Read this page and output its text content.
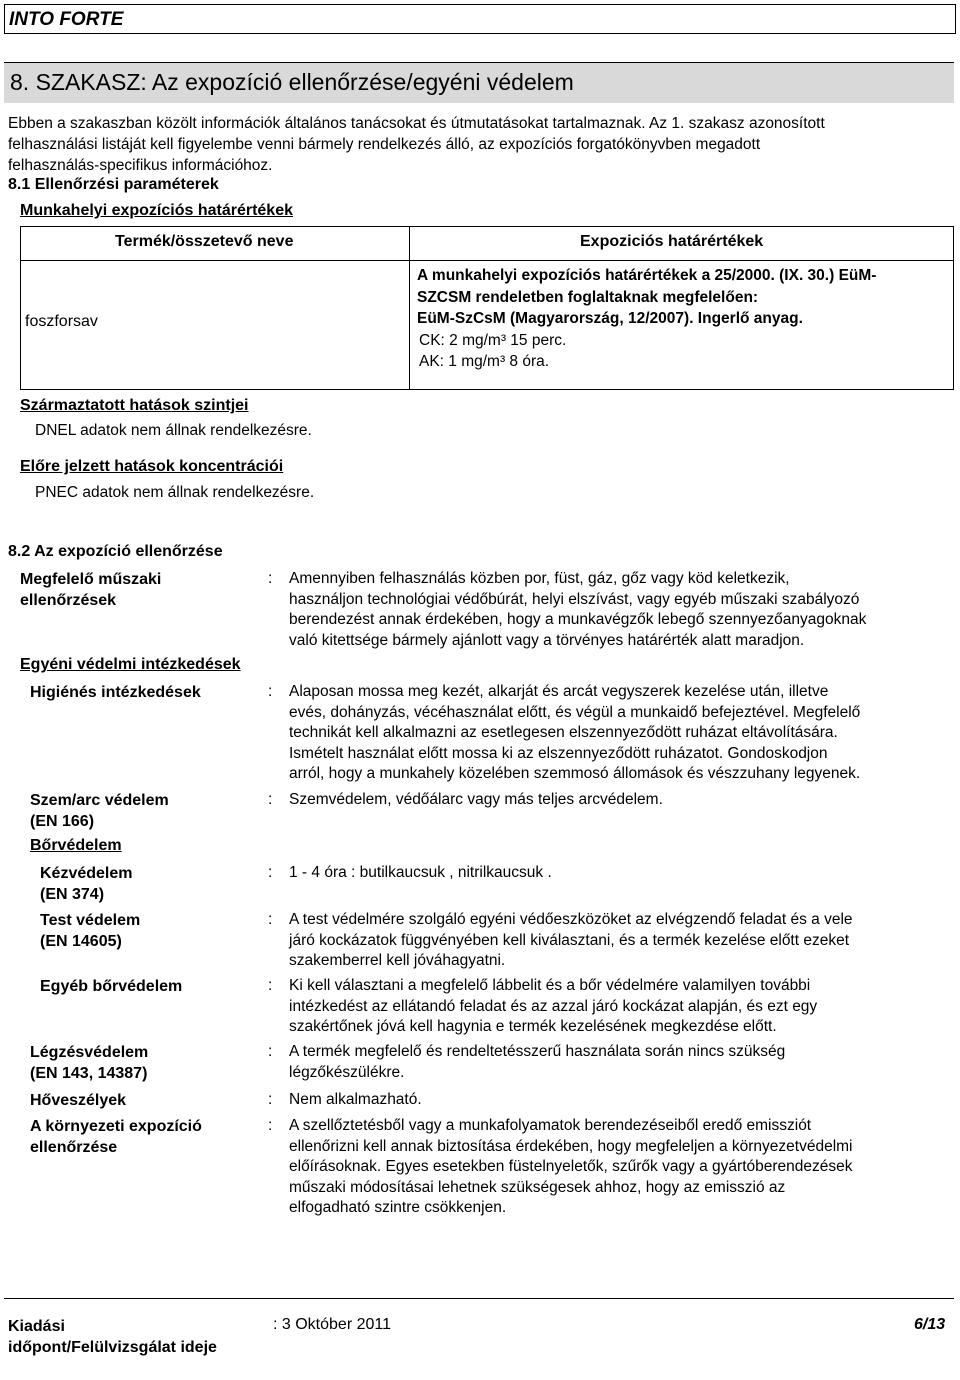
INTO FORTE
8. SZAKASZ: Az expozíció ellenőrzése/egyéni védelem
Ebben a szakaszban közölt információk általános tanácsokat és útmutatásokat tartalmaznak. Az 1. szakasz azonosított
felhasználási listáját kell figyelembe venni bármely rendelkezés álló, az expozíciós forgatókönyvben megadott
felhasználás-specifikus információhoz.
8.1 Ellenőrzési paraméterek
Munkahelyi expozíciós határértékek
Termék/összetevő neve	Expoziciós határértékek
foszforsav
A munkahelyi expozíciós határértékek a 25/2000. (IX. 30.) EüM-
SZCSM rendeletben foglaltaknak megfelelően:
EüM-SzCsM (Magyarország, 12/2007). Ingerlő anyag.
CK: 2 mg/m³ 15 perc.
AK: 1 mg/m³ 8 óra.
Származtatott hatások szintjei
DNEL adatok nem állnak rendelkezésre.
Előre jelzett hatások koncentrációi
PNEC adatok nem állnak rendelkezésre.
8.2 Az expozíció ellenőrzése
Megfelelő műszaki
ellenőrzések
: Amennyiben felhasználás közben por, füst, gáz, gőz vagy köd keletkezik,
használjon technológiai védőbúrát, helyi elszívást, vagy egyéb műszaki szabályozó
berendezést annak érdekében, hogy a munkavégzők lebegő szennyezőanyagoknak
való kitettsége bármely ajánlott vagy a törvényes határérték alatt maradjon.
Egyéni védelmi intézkedések
Higiénés intézkedések	: Alaposan mossa meg kezét, alkarját és arcát vegyszerek kezelése után, illetve
evés, dohányzás, vécéhasználat előtt, és végül a munkaidő befejeztével. Megfelelő
technikát kell alkalmazni az esetlegesen elszennyeződött ruházat eltávolítására.
Ismételt használat előtt mossa ki az elszennyeződött ruházatot. Gondoskodjon
arról, hogy a munkahely közelében szemmosó állomások és vészzuhany legyenek.
Szem/arc védelem
(EN 166)
: Szemvédelem, védőálarc vagy más teljes arcvédelem.
Bőrvédelem
Kézvédelem
(EN 374)
: 1 - 4 óra : butilkaucsuk , nitrilkaucsuk .
Test védelem
(EN 14605)
: A test védelmére szolgáló egyéni védőeszközöket az elvégzendő feladat és a vele
járó kockázatok függvényében kell kiválasztani, és a termék kezelése előtt ezeket
szakemberrel kell jóváhagyatni.
Egyéb bőrvédelem	: Ki kell választani a megfelelő lábbelit és a bőr védelmére valamilyen további
intézkedést az ellátandó feladat és az azzal járó kockázat alapján, és ezt egy
szakértőnek jóvá kell hagynia e termék kezelésének megkezdése előtt.
Légzésvédelem
(EN 143, 14387)
: A termék megfelelő és rendeltetésszerű használata során nincs szükség
légzőkészülékre.
Hőveszélyek	: Nem alkalmazható.
A környezeti expozíció
ellenőrzése
: A szellőztetésből vagy a munkafolyamatok berendezéseiből eredő emissziót
ellenőrizni kell annak biztosítása érdekében, hogy megfeleljen a környezetvédelmi
előírásoknak. Egyes esetekben füstelnyeletők, szűrők vagy a gyártóberendezések
műszaki módosításai lehetnek szükségesek ahhoz, hogy az emisszió az
elfogadható szintre csökkenjen.
Kiadási
időpont/Felülvizsgálat ideje
: 3 Október 2011	6/13
